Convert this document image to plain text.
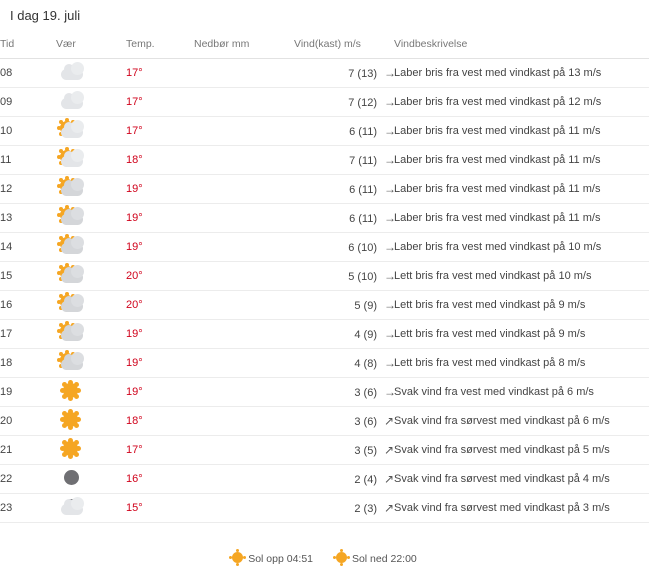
I dag 19. juli
Tid	Vær	Temp.	Nedbør mm	Vind(kast) m/s	Vindbeskrivelse
08		17°		7 (13) →	Laber bris fra vest med vindkast på 13 m/s
09		17°		7 (12) →	Laber bris fra vest med vindkast på 12 m/s
10		17°		6 (11) →	Laber bris fra vest med vindkast på 11 m/s
11		18°		7 (11) →	Laber bris fra vest med vindkast på 11 m/s
12		19°		6 (11) →	Laber bris fra vest med vindkast på 11 m/s
13		19°		6 (11) →	Laber bris fra vest med vindkast på 11 m/s
14		19°		6 (10) →	Laber bris fra vest med vindkast på 10 m/s
15		20°		5 (10) →	Lett bris fra vest med vindkast på 10 m/s
16		20°		5 (9) →	Lett bris fra vest med vindkast på 9 m/s
17		19°		4 (9) →	Lett bris fra vest med vindkast på 9 m/s
18		19°		4 (8) →	Lett bris fra vest med vindkast på 8 m/s
19		19°		3 (6) →	Svak vind fra vest med vindkast på 6 m/s
20		18°		3 (6) ↗	Svak vind fra sørvest med vindkast på 6 m/s
21		17°		3 (5) ↗	Svak vind fra sørvest med vindkast på 5 m/s
22		16°		2 (4) ↗	Svak vind fra sørvest med vindkast på 4 m/s
23		15°		2 (3) ↗	Svak vind fra sørvest med vindkast på 3 m/s
Sol opp 04:51	Sol ned 22:00
